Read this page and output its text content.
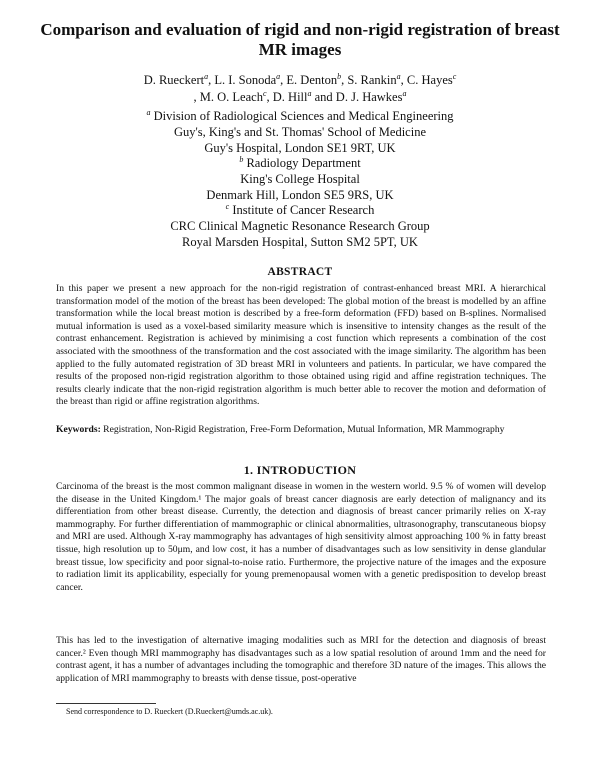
Comparison and evaluation of rigid and non-rigid registration of breast MR images
D. Rueckert$^a$, L. I. Sonoda$^a$, E. Denton$^b$, S. Rankin$^a$, C. Hayes$^c$
, M. O. Leach$^c$, D. Hill$^a$ and D. J. Hawkes$^a$
$^a$ Division of Radiological Sciences and Medical Engineering
Guy's, King's and St. Thomas' School of Medicine
Guy's Hospital, London SE1 9RT, UK
$^b$ Radiology Department
King's College Hospital
Denmark Hill, London SE5 9RS, UK
$^c$ Institute of Cancer Research
CRC Clinical Magnetic Resonance Research Group
Royal Marsden Hospital, Sutton SM2 5PT, UK
ABSTRACT
In this paper we present a new approach for the non-rigid registration of contrast-enhanced breast MRI. A hierarchical transformation model of the motion of the breast has been developed: The global motion of the breast is modelled by an affine transformation while the local breast motion is described by a free-form deformation (FFD) based on B-splines. Normalised mutual information is used as a voxel-based similarity measure which is insensitive to intensity changes as the result of the contrast enhancement. Registration is achieved by minimising a cost function which represents a combination of the cost associated with the smoothness of the transformation and the cost associated with the image similarity. The algorithm has been applied to the fully automated registration of 3D breast MRI in volunteers and patients. In particular, we have compared the results of the proposed non-rigid registration algorithm to those obtained using rigid and affine registration techniques. The results clearly indicate that the non-rigid registration algorithm is much better able to recover the motion and deformation of the breast than rigid or affine registration algorithms.
Keywords: Registration, Non-Rigid Registration, Free-Form Deformation, Mutual Information, MR Mammography
1. INTRODUCTION
Carcinoma of the breast is the most common malignant disease in women in the western world. 9.5 % of women will develop the disease in the United Kingdom.¹ The major goals of breast cancer diagnosis are early detection of malignancy and its differentiation from other breast disease. Currently, the detection and diagnosis of breast cancer primarily relies on X-ray mammography. For further differentiation of mammographic or clinical abnormalities, ultrasonography, transcutaneous biopsy and MRI are used. Although X-ray mammography has advantages of high sensitivity almost approaching 100 % in fatty breast tissue, high resolution up to 50μm, and low cost, it has a number of disadvantages such as low sensitivity in dense glandular breast tissue, low specificity and poor signal-to-noise ratio. Furthermore, the projective nature of the images and the exposure to radiation limit its applicability, especially for young premenopausal women with a genetic predisposition to develop breast cancer.
This has led to the investigation of alternative imaging modalities such as MRI for the detection and diagnosis of breast cancer.² Even though MRI mammography has disadvantages such as a low spatial resolution of around 1mm and the need for contrast agent, it has a number of advantages including the tomographic and therefore 3D nature of the images. This allows the application of MRI mammography to breasts with dense tissue, post-operative
Send correspondence to D. Rueckert (D.Rueckert@umds.ac.uk).
